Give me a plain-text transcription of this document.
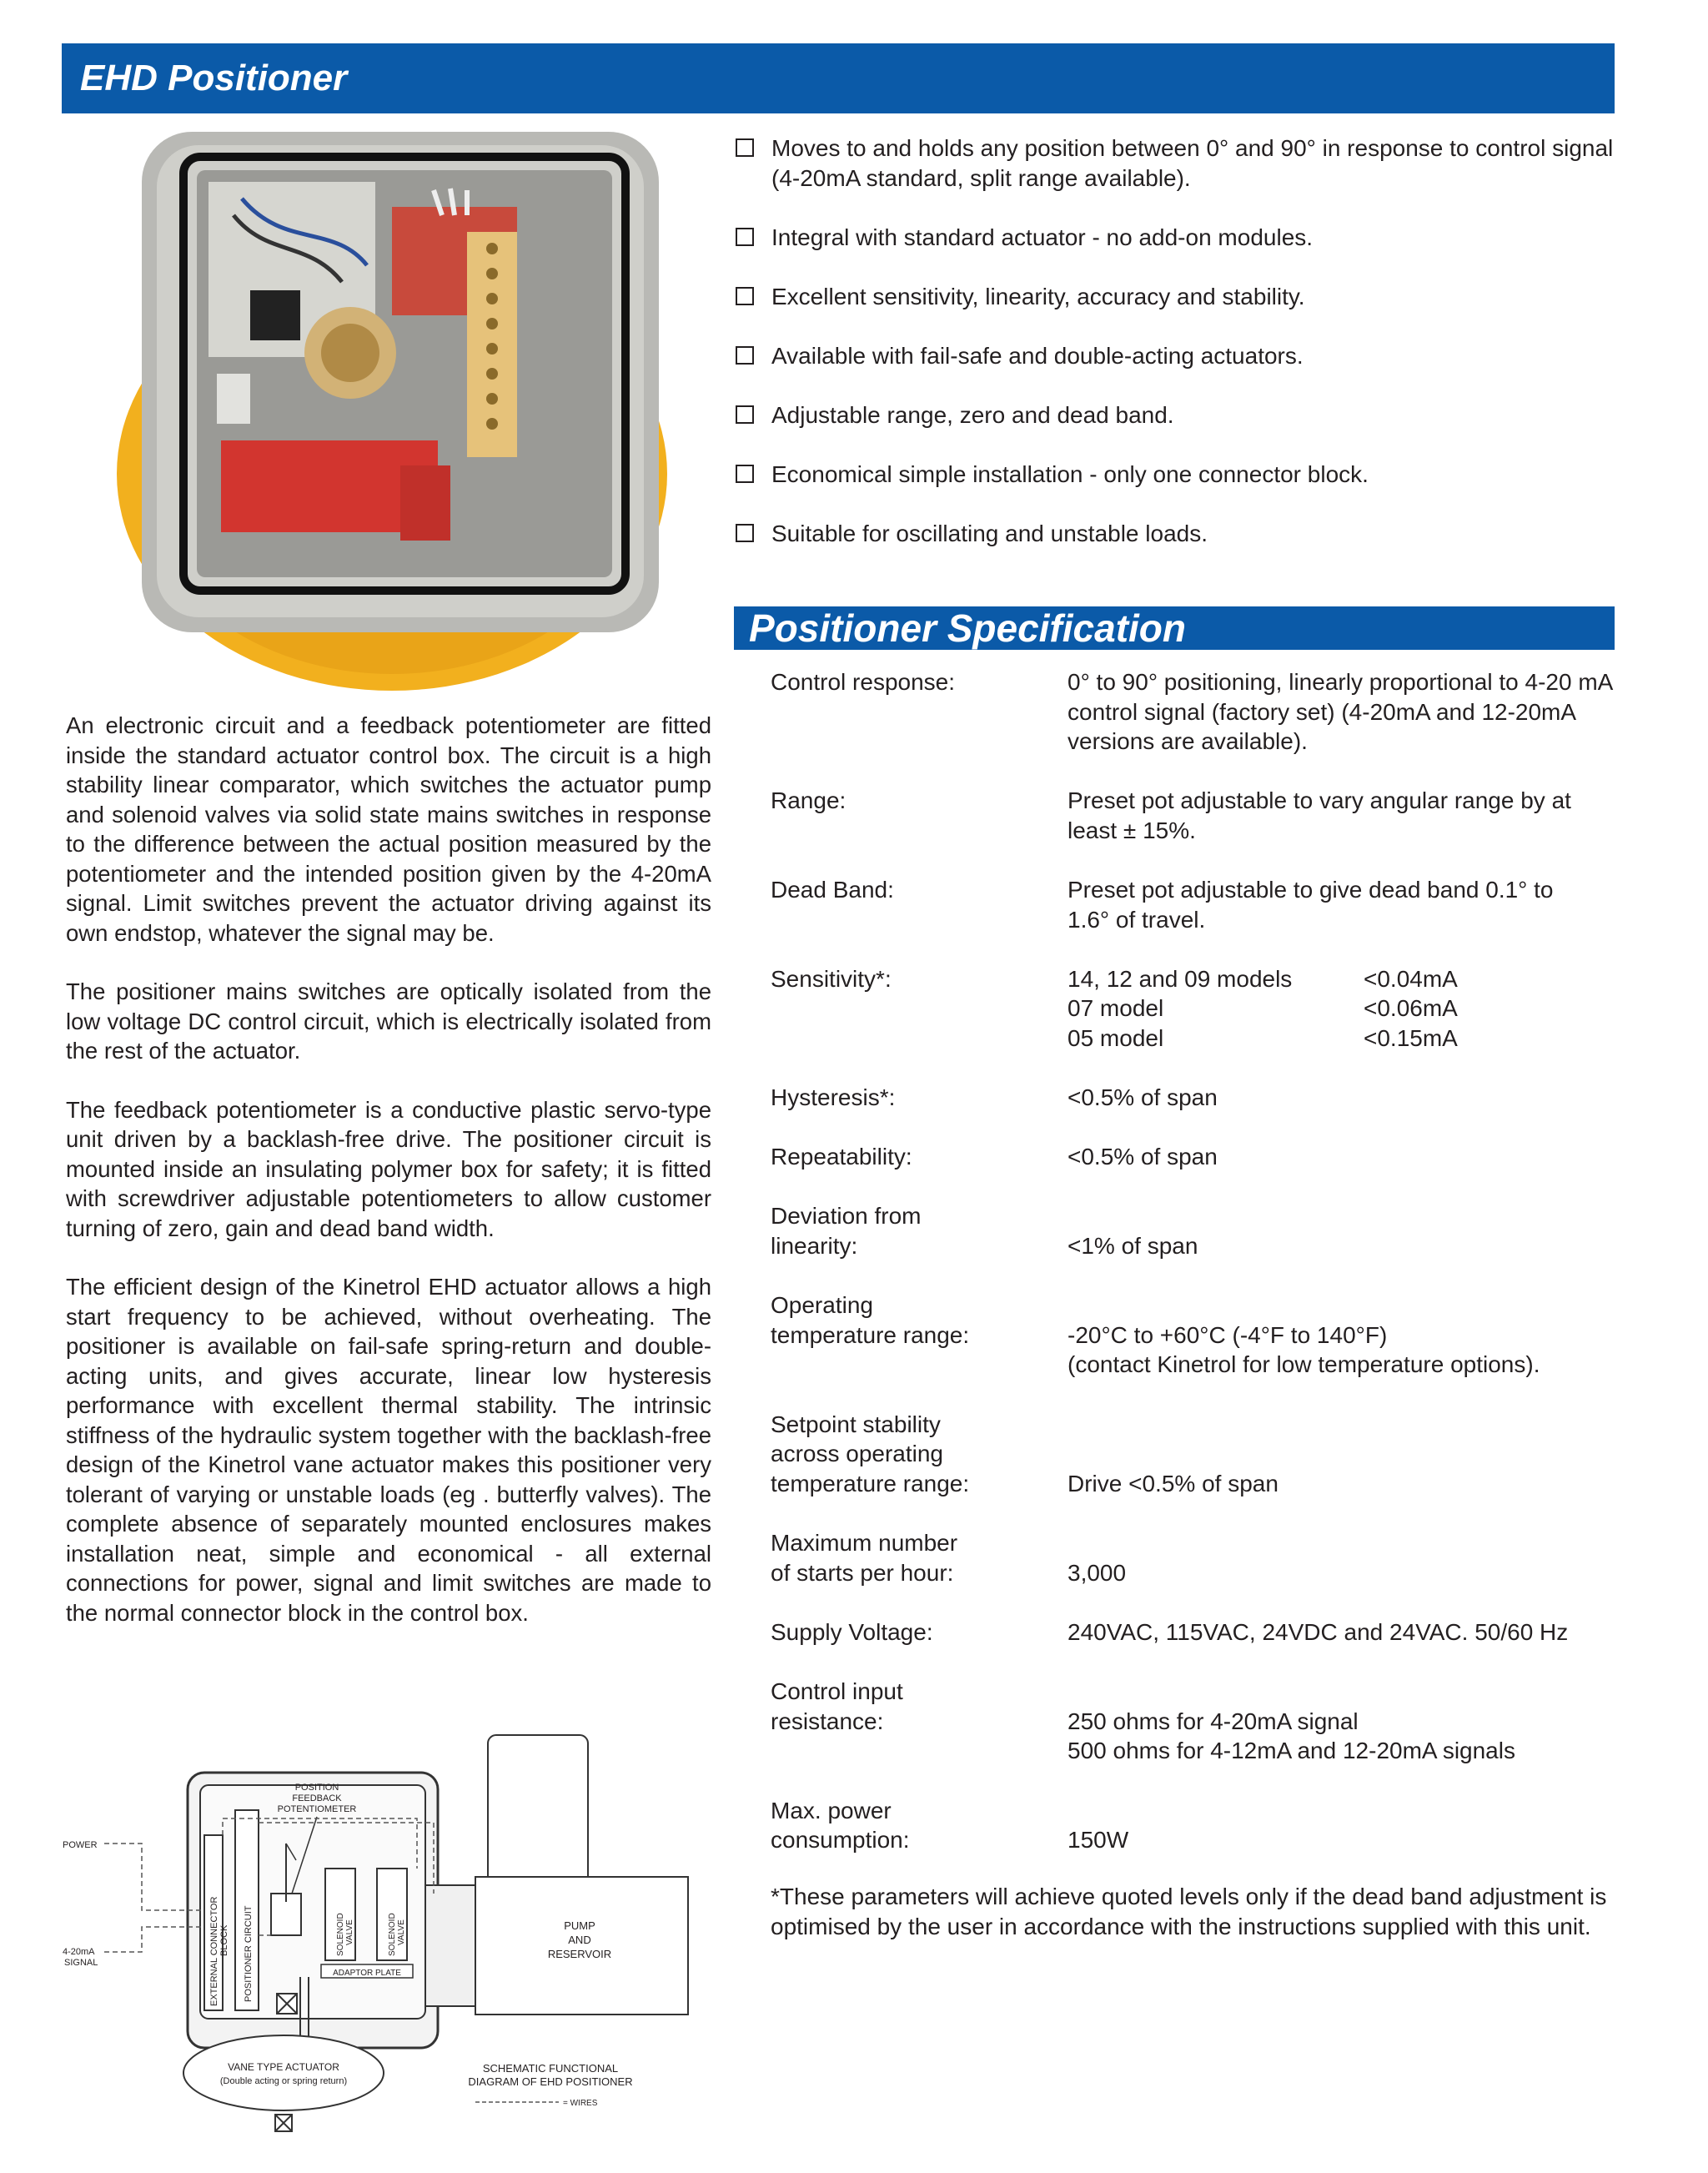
EHD Positioner
Moves to and holds any position between 0° and 90° in response to control signal (4-20mA standard, split range available).
Integral with standard actuator - no add-on modules.
Excellent sensitivity, linearity, accuracy and stability.
Available with fail-safe and double-acting actuators.
Adjustable range, zero and dead band.
Economical simple installation - only one connector block.
Suitable for oscillating and unstable loads.

An electronic circuit and a feedback potentiometer are fitted inside the standard actuator control box. The circuit is a high stability linear comparator, which switches the actuator pump and solenoid valves via solid state mains switches in response to the difference between the actual position measured by the potentiometer and the intended position given by the 4-20mA signal. Limit switches prevent the actuator driving against its own endstop, whatever the signal may be.

The positioner mains switches are optically isolated from the low voltage DC control circuit, which is electrically isolated from the rest of the actuator.

The feedback potentiometer is a conductive plastic servo-type unit driven by a backlash-free drive. The positioner circuit is mounted inside an insulating polymer box for safety; it is fitted with screwdriver adjustable potentiometers to allow customer turning of zero, gain and dead band width.

The efficient design of the Kinetrol EHD actuator allows a high start frequency to be achieved, without overheating. The positioner is available on fail-safe spring-return and double-acting units, and gives accurate, linear low hysteresis performance with excellent thermal stability. The intrinsic stiffness of the hydraulic system together with the backlash-free design of the Kinetrol vane actuator makes this positioner very tolerant of varying or unstable loads (eg . butterfly valves). The complete absence of separately mounted enclosures makes installation neat, simple and economical - all external connections for power, signal and limit switches are made to the normal connector block in the control box.

PUMP
AND
RESERVOIR
EXTERNAL CONNECTOR BLOCK POSITIONER CIRCUIT
POSITION
FEEDBACK
POTENTIOMETER
SOLENOID VALVE	SOLENOID VALVE
ADAPTOR PLATE
POWER
4-20mA
SIGNAL
VANE TYPE ACTUATOR
(Double acting or spring return)
SCHEMATIC FUNCTIONAL
DIAGRAM OF EHD POSITIONER
= WIRES
Positioner Specification
Control response:	0° to 90° positioning, linearly proportional to 4-20 mA control signal (factory set) (4-20mA and 12-20mA versions are available).
Range:	Preset pot adjustable to vary angular range by at least ± 15%.
Dead Band:	Preset pot adjustable to give dead band 0.1° to 1.6° of travel.
Sensitivity*:	14, 12 and 09 models	<0.04mA
07 model	<0.06mA
05 model	<0.15mA
Hysteresis*:	<0.5% of span
Repeatability:	<0.5% of span
Deviation from
linearity:	<1% of span
Operating
temperature range:	-20°C to +60°C (-4°F to 140°F)
(contact Kinetrol for low temperature options).
Setpoint stability
across operating
temperature range:	Drive <0.5% of span
Maximum number
of starts per hour:	3,000
Supply Voltage:	240VAC, 115VAC, 24VDC and 24VAC. 50/60 Hz
Control input
resistance:	250 ohms for 4-20mA signal
500 ohms for 4-12mA and 12-20mA signals
Max. power
consumption:	150W
*These parameters will achieve quoted levels only if the dead band adjustment is optimised by the user in accordance with the instructions supplied with this unit.
